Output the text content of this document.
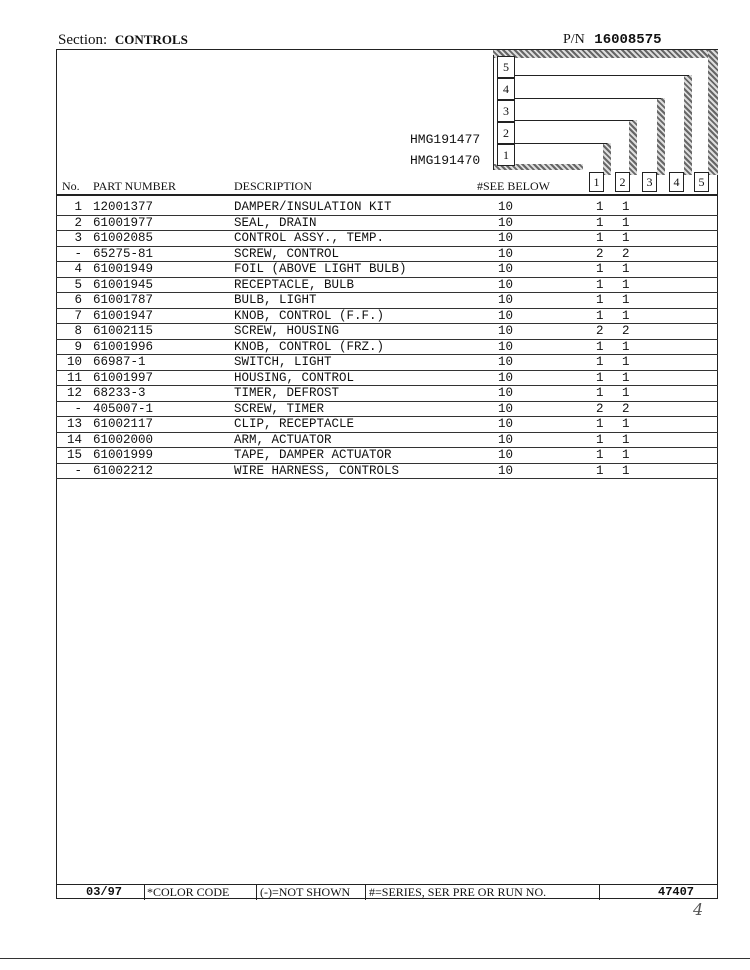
Section: CONTROLS	P/N 16008575
5
4
3
2
1
HMG191477
HMG191470
No. PART NUMBER	DESCRIPTION	#SEE BELOW	1	2	3	4	5
1 12001377	DAMPER/INSULATION KIT	10	1 1
2 61001977	SEAL, DRAIN	10	1 1
3 61002085	CONTROL ASSY., TEMP.	10	1 1
- 65275-81	SCREW, CONTROL	10	2 2
4 61001949	FOIL (ABOVE LIGHT BULB)	10	1 1
5 61001945	RECEPTACLE, BULB	10	1 1
6 61001787	BULB, LIGHT	10	1 1
7 61001947	KNOB, CONTROL (F.F.)	10	1 1
8 61002115	SCREW, HOUSING	10	2 2
9 61001996	KNOB, CONTROL (FRZ.)	10	1 1
10 66987-1	SWITCH, LIGHT	10	1 1
11 61001997	HOUSING, CONTROL	10	1 1
12 68233-3	TIMER, DEFROST	10	1 1
- 405007-1	SCREW, TIMER	10	2 2
13 61002117	CLIP, RECEPTACLE	10	1 1
14 61002000	ARM, ACTUATOR	10	1 1
15 61001999	TAPE, DAMPER ACTUATOR	10	1 1
- 61002212	WIRE HARNESS, CONTROLS	10	1 1
03/97 *COLOR CODE	(-)=NOT SHOWN #=SERIES, SER PRE OR RUN NO.	47407
4
